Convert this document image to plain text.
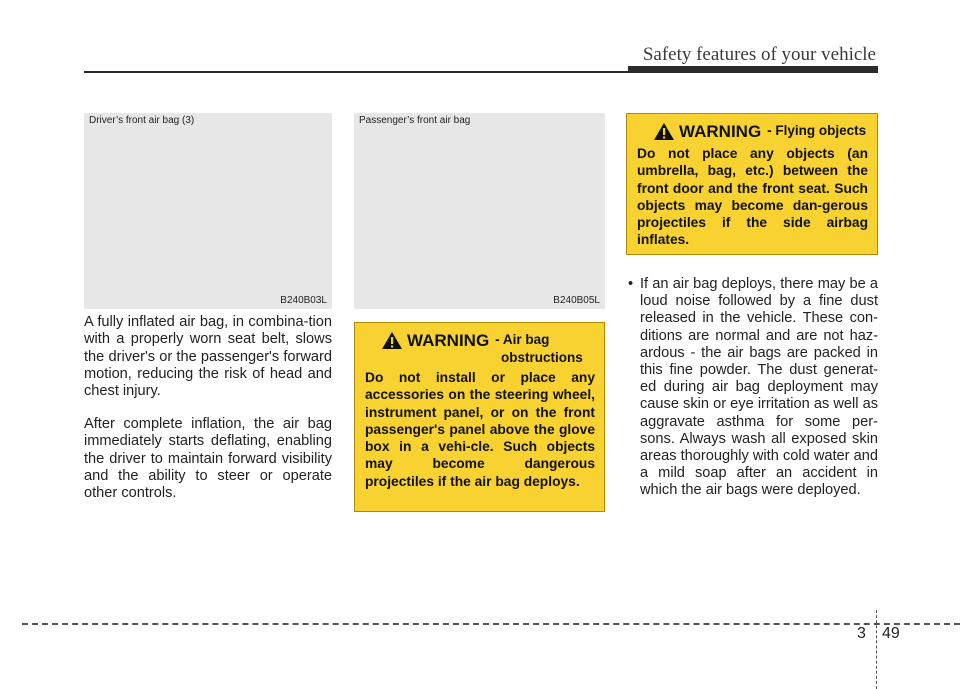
Safety features of your vehicle
Driver’s front air bag (3)
B240B03L
Passenger’s front air bag
B240B05L
A fully inflated air bag, in combina-tion with a properly worn seat belt, slows the driver's or the passenger's forward motion, reducing the risk of head and chest injury.
After complete inflation, the air bag immediately starts deflating, enabling the driver to maintain forward visibility and the ability to steer or operate other controls.
WARNING - Air bag
obstructions
Do not install or place any accessories on the steering wheel, instrument panel, or on the front passenger's panel above the glove box in a vehi-cle. Such objects may become dangerous projectiles if the air bag deploys.
WARNING - Flying objects
Do not place any objects (an umbrella, bag, etc.) between the front door and the front seat. Such objects may become dan-gerous projectiles if the side airbag inflates.
• If an air bag deploys, there may be a loud noise followed by a fine dust released in the vehicle. These con-ditions are normal and are not haz-ardous - the air bags are packed in this fine powder. The dust generat-ed during air bag deployment may cause skin or eye irritation as well as aggravate asthma for some per-sons. Always wash all exposed skin areas thoroughly with cold water and a mild soap after an accident in which the air bags were deployed.
3 49
